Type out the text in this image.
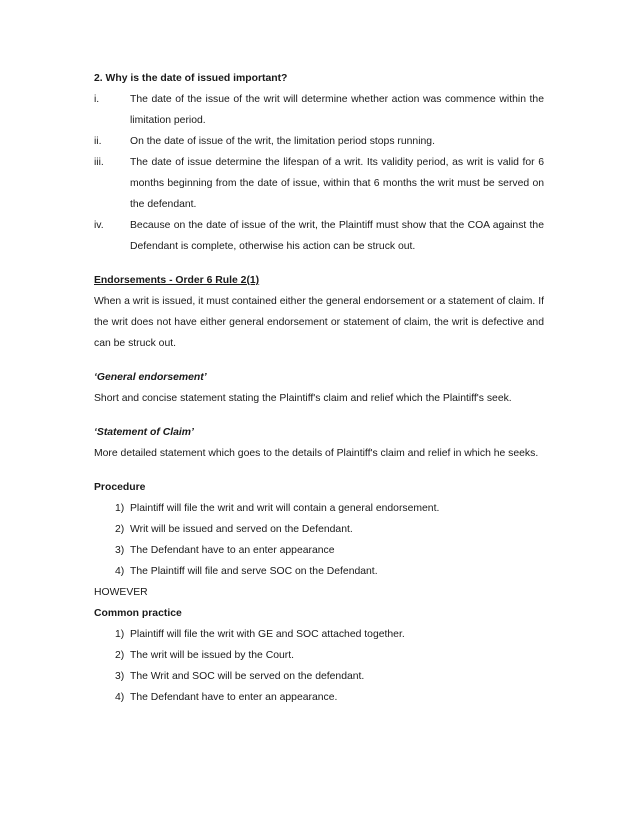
2. Why is the date of issued important?
i.	The date of the issue of the writ will determine whether action was commence within the limitation period.
ii.	On the date of issue of the writ, the limitation period stops running.
iii.	The date of issue determine the lifespan of a writ. Its validity period, as writ is valid for 6 months beginning from the date of issue, within that 6 months the writ must be served on the defendant.
iv.	Because on the date of issue of the writ, the Plaintiff must show that the COA against the Defendant is complete, otherwise his action can be struck out.
Endorsements - Order 6 Rule 2(1)

When a writ is issued, it must contained either the general endorsement or a statement of claim. If the writ does not have either general endorsement or statement of claim, the writ is defective and can be struck out.

‘General endorsement’

Short and concise statement stating the Plaintiff's claim and relief which the Plaintiff's seek.

‘Statement of Claim’

More detailed statement which goes to the details of Plaintiff's claim and relief in which he seeks.

Procedure
1) Plaintiff will file the writ and writ will contain a general endorsement.
2) Writ will be issued and served on the Defendant.
3) The Defendant have to an enter appearance
4) The Plaintiff will file and serve SOC on the Defendant.
HOWEVER
Common practice
1) Plaintiff will file the writ with GE and SOC attached together.
2) The writ will be issued by the Court.
3) The Writ and SOC will be served on the defendant.
4) The Defendant have to enter an appearance.
